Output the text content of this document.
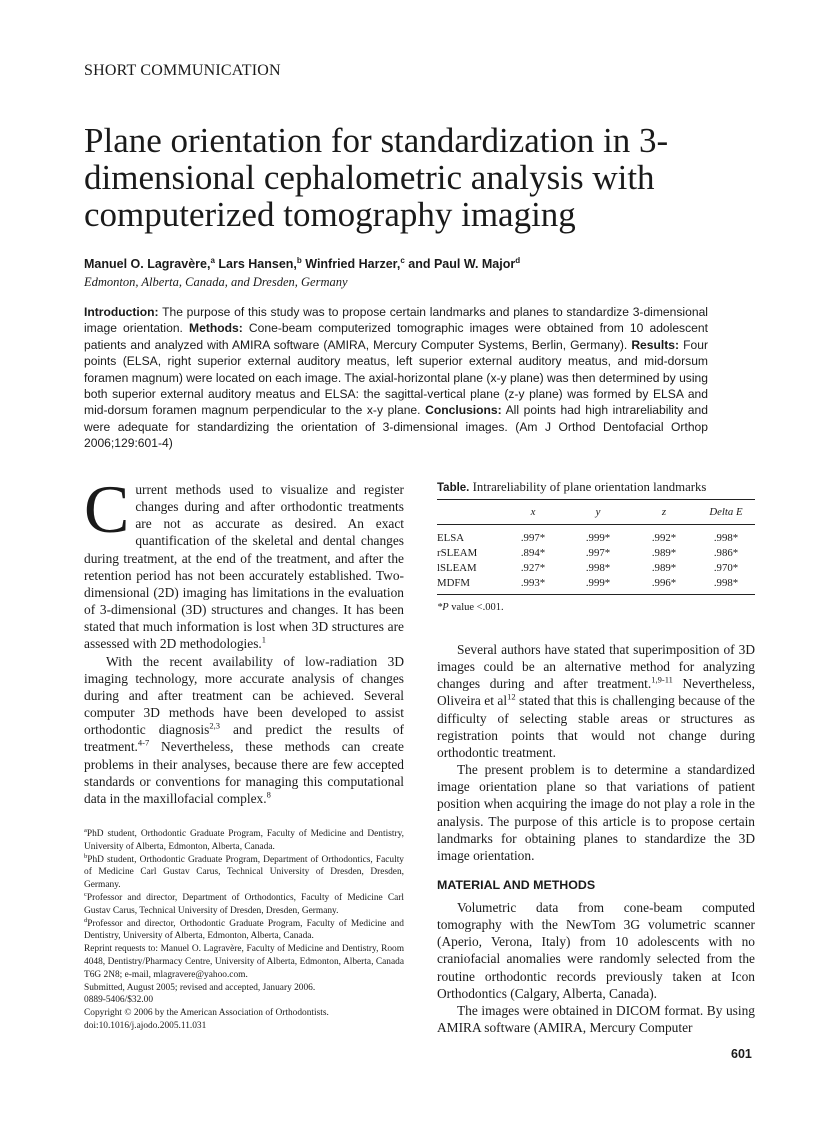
SHORT COMMUNICATION
Plane orientation for standardization in 3-dimensional cephalometric analysis with computerized tomography imaging
Manuel O. Lagravère,$^a$ Lars Hansen,$^b$ Winfried Harzer,$^c$ and Paul W. Major$^d$
Edmonton, Alberta, Canada, and Dresden, Germany
Introduction: The purpose of this study was to propose certain landmarks and planes to standardize 3-dimensional image orientation. Methods: Cone-beam computerized tomographic images were obtained from 10 adolescent patients and analyzed with AMIRA software (AMIRA, Mercury Computer Systems, Berlin, Germany). Results: Four points (ELSA, right superior external auditory meatus, left superior external auditory meatus, and mid-dorsum foramen magnum) were located on each image. The axial-horizontal plane (x-y plane) was then determined by using both superior external auditory meatus and ELSA: the sagittal-vertical plane (z-y plane) was formed by ELSA and mid-dorsum foramen magnum perpendicular to the x-y plane. Conclusions: All points had high intrareliability and were adequate for standardizing the orientation of 3-dimensional images. (Am J Orthod Dentofacial Orthop 2006;129:601-4)

Current methods used to visualize and register changes during and after orthodontic treatments are not as accurate as desired. An exact quantification of the skeletal and dental changes during treatment, at the end of the treatment, and after the retention period has not been accurately established. Two-dimensional (2D) imaging has limitations in the evaluation of 3-dimensional (3D) structures and changes. It has been stated that much information is lost when 3D structures are assessed with 2D methodologies.$^1$

With the recent availability of low-radiation 3D imaging technology, more accurate analysis of changes during and after treatment can be achieved. Several computer 3D methods have been developed to assist orthodontic diagnosis$^{2,3}$ and predict the results of treatment.$^{4-7}$ Nevertheless, these methods can create problems in their analyses, because there are few accepted standards or conventions for managing this computational data in the maxillofacial complex.$^8$

$^a$PhD student, Orthodontic Graduate Program, Faculty of Medicine and Dentistry, University of Alberta, Edmonton, Alberta, Canada.

$^b$PhD student, Orthodontic Graduate Program, Department of Orthodontics, Faculty of Medicine Carl Gustav Carus, Technical University of Dresden, Dresden, Germany.

$^c$Professor and director, Department of Orthodontics, Faculty of Medicine Carl Gustav Carus, Technical University of Dresden, Dresden, Germany.

$^d$Professor and director, Orthodontic Graduate Program, Faculty of Medicine and Dentistry, University of Alberta, Edmonton, Alberta, Canada.

Reprint requests to: Manuel O. Lagravère, Faculty of Medicine and Dentistry, Room 4048, Dentistry/Pharmacy Centre, University of Alberta, Edmonton, Alberta, Canada T6G 2N8; e-mail, mlagravere@yahoo.com.

Submitted, August 2005; revised and accepted, January 2006.

0889-5406/$32.00

Copyright © 2006 by the American Association of Orthodontists.

doi:10.1016/j.ajodo.2005.11.031

Table. Intrareliability of plane orientation landmarks
	x	y	z	Delta E

ELSA	.997*	.999*	.992*	.998*
rSLEAM	.894*	.997*	.989*	.986*
lSLEAM	.927*	.998*	.989*	.970*
MDFM	.993*	.999*	.996*	.998*

*P value <.001.

Several authors have stated that superimposition of 3D images could be an alternative method for analyzing changes during and after treatment.$^{1,9-11}$ Nevertheless, Oliveira et al$^{12}$ stated that this is challenging because of the difficulty of selecting stable areas or structures as registration points that would not change during orthodontic treatment.

The present problem is to determine a standardized image orientation plane so that variations of patient position when acquiring the image do not play a role in the analysis. The purpose of this article is to propose certain landmarks for obtaining planes to standardize the 3D image orientation.

MATERIAL AND METHODS

Volumetric data from cone-beam computed tomography with the NewTom 3G volumetric scanner (Aperio, Verona, Italy) from 10 adolescents with no craniofacial anomalies were randomly selected from the routine orthodontic records previously taken at Icon Orthodontics (Calgary, Alberta, Canada).

The images were obtained in DICOM format. By using AMIRA software (AMIRA, Mercury Computer

601
